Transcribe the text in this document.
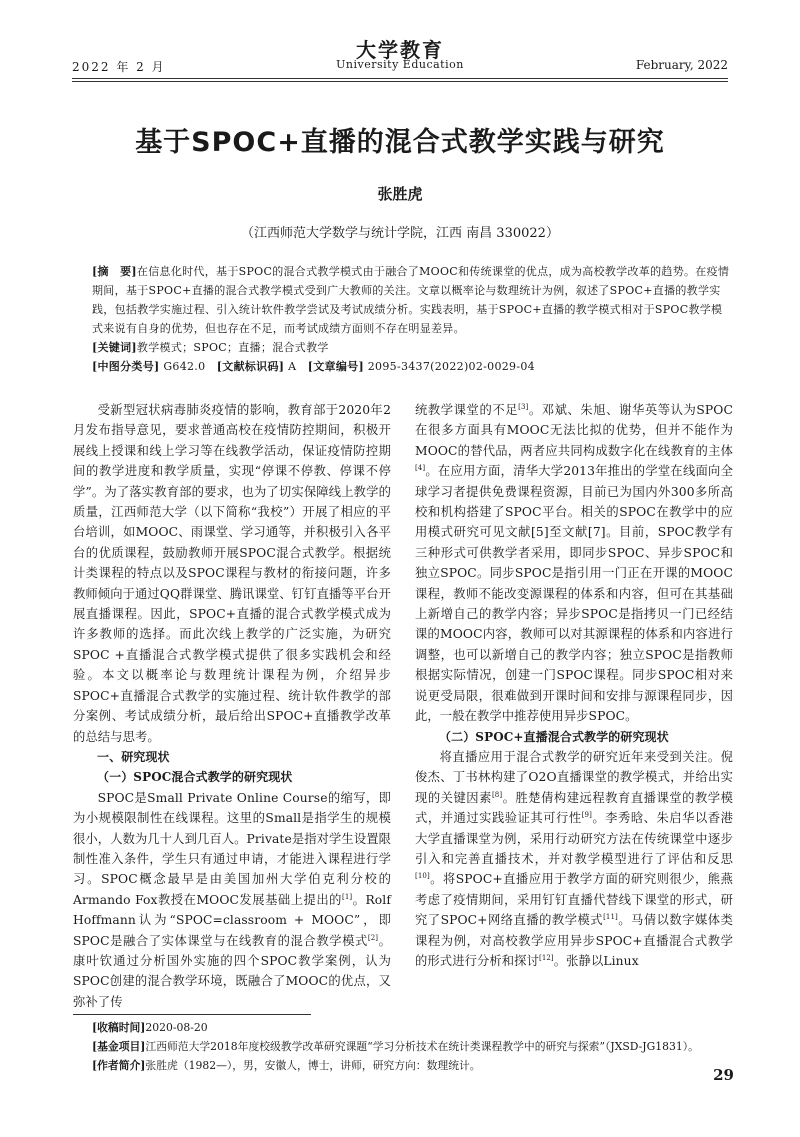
大学教育
2022 年 2 月	University Education	February, 2022
基于SPOC+直播的混合式教学实践与研究
张胜虎
（江西师范大学数学与统计学院，江西 南昌 330022）

[摘　要]在信息化时代，基于SPOC的混合式教学模式由于融合了MOOC和传统课堂的优点，成为高校教学改革的趋势。在疫情期间，基于SPOC+直播的混合式教学模式受到广大教师的关注。文章以概率论与数理统计为例，叙述了SPOC+直播的教学实践，包括教学实施过程、引入统计软件教学尝试及考试成绩分析。实践表明，基于SPOC+直播的教学模式相对于SPOC教学模式来说有自身的优势，但也存在不足，而考试成绩方面则不存在明显差异。

[关键词]教学模式；SPOC；直播；混合式教学

[中图分类号] G642.0 [文献标识码] A [文章编号] 2095-3437(2022)02-0029-04

受新型冠状病毒肺炎疫情的影响，教育部于2020年2月发布指导意见，要求普通高校在疫情防控期间，积极开展线上授课和线上学习等在线教学活动，保证疫情防控期间的教学进度和教学质量，实现“停课不停教、停课不停学”。为了落实教育部的要求，也为了切实保障线上教学的质量，江西师范大学（以下简称“我校”）开展了相应的平台培训，如MOOC、雨课堂、学习通等，并积极引入各平台的优质课程，鼓励教师开展SPOC混合式教学。根据统计类课程的特点以及SPOC课程与教材的衔接问题，许多教师倾向于通过QQ群课堂、腾讯课堂、钉钉直播等平台开展直播课程。因此，SPOC+直播的混合式教学模式成为许多教师的选择。而此次线上教学的广泛实施，为研究SPOC +直播混合式教学模式提供了很多实践机会和经验。本文以概率论与数理统计课程为例，介绍异步SPOC+直播混合式教学的实施过程、统计软件教学的部分案例、考试成绩分析，最后给出SPOC+直播教学改革的总结与思考。

一、研究现状

（一）SPOC混合式教学的研究现状

SPOC是Small Private Online Course的缩写，即为小规模限制性在线课程。这里的Small是指学生的规模很小，人数为几十人到几百人。Private是指对学生设置限制性准入条件，学生只有通过申请，才能进入课程进行学习。SPOC概念最早是由美国加州大学伯克利分校的Armando Fox教授在MOOC发展基础上提出的[1]。Rolf Hoffmann认为“SPOC=classroom + MOOC”，即SPOC是融合了实体课堂与在线教育的混合教学模式[2]。康叶钦通过分析国外实施的四个SPOC教学案例，认为SPOC创建的混合教学环境，既融合了MOOC的优点，又弥补了传

统教学课堂的不足[3]。邓斌、朱旭、谢华英等认为SPOC在很多方面具有MOOC无法比拟的优势，但并不能作为MOOC的替代品，两者应共同构成数字化在线教育的主体[4]。在应用方面，清华大学2013年推出的学堂在线面向全球学习者提供免费课程资源，目前已为国内外300多所高校和机构搭建了SPOC平台。相关的SPOC在教学中的应用模式研究可见文献[5]至文献[7]。目前，SPOC教学有三种形式可供教学者采用，即同步SPOC、异步SPOC和独立SPOC。同步SPOC是指引用一门正在开课的MOOC课程，教师不能改变源课程的体系和内容，但可在其基础上新增自己的教学内容；异步SPOC是指拷贝一门已经结课的MOOC内容，教师可以对其源课程的体系和内容进行调整，也可以新增自己的教学内容；独立SPOC是指教师根据实际情况，创建一门SPOC课程。同步SPOC相对来说更受局限，很难做到开课时间和安排与源课程同步，因此，一般在教学中推荐使用异步SPOC。

（二）SPOC+直播混合式教学的研究现状

将直播应用于混合式教学的研究近年来受到关注。倪俊杰、丁书林构建了O2O直播课堂的教学模式，并给出实现的关键因素[8]。胜楚倩构建远程教育直播课堂的教学模式，并通过实践验证其可行性[9]。李秀晗、朱启华以香港大学直播课堂为例，采用行动研究方法在传统课堂中逐步引入和完善直播技术，并对教学模型进行了评估和反思[10]。将SPOC+直播应用于教学方面的研究则很少，熊燕考虑了疫情期间，采用钉钉直播代替线下课堂的形式，研究了SPOC+网络直播的教学模式[11]。马倩以数字媒体类课程为例，对高校教学应用异步SPOC+直播混合式教学的形式进行分析和探讨[12]。张静以Linux

[收稿时间]2020-08-20

[基金项目]江西师范大学2018年度校级教学改革研究课题“学习分析技术在统计类课程教学中的研究与探索”（JXSD-JG1831）。

[作者简介]张胜虎（1982—），男，安徽人，博士，讲师，研究方向：数理统计。

29
